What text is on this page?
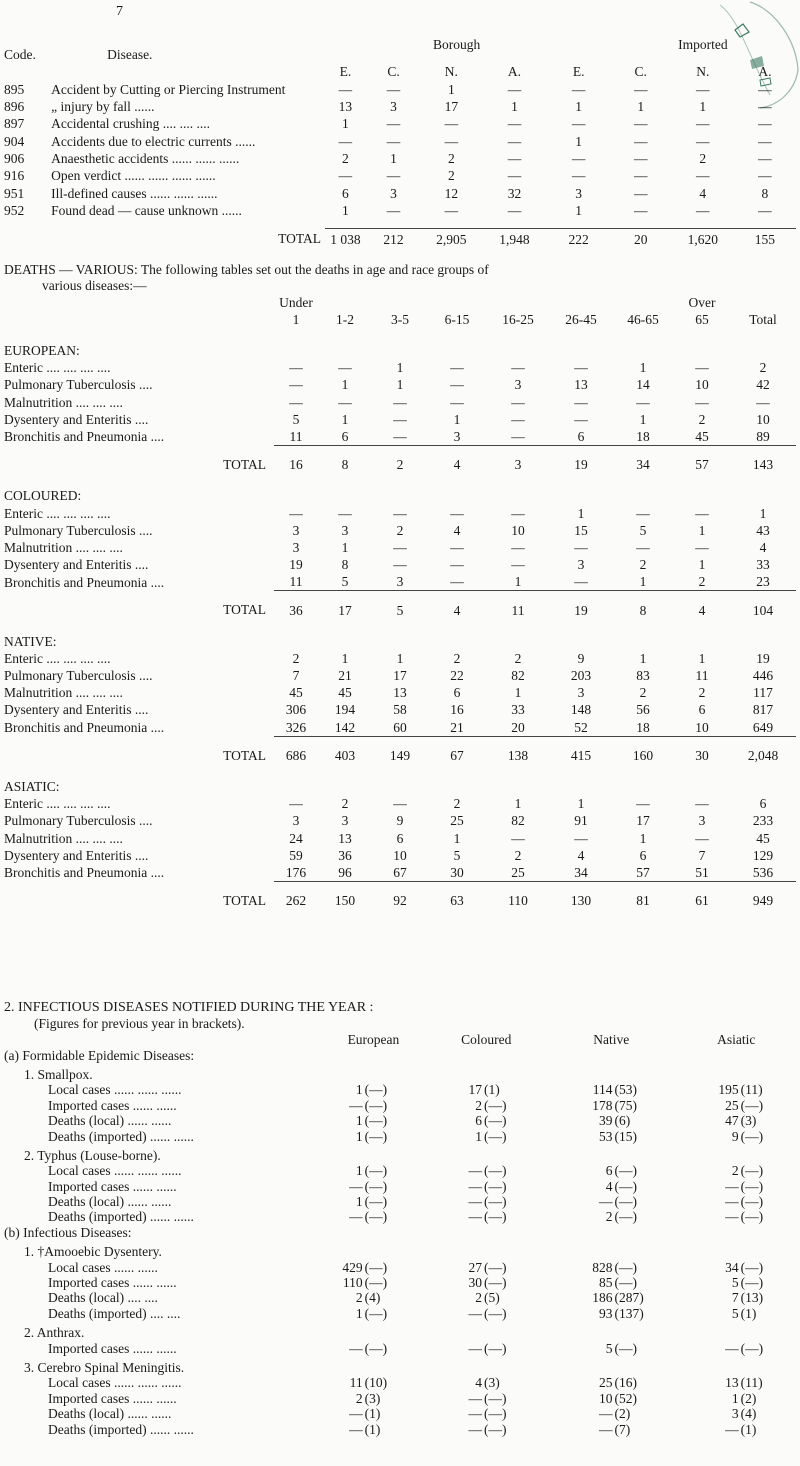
7
Code.	Disease.		Borough				Imported		
		E.	C.	N.	A.	E.	C.	N.	A.
895	Accident by Cutting or Piercing Instrument	—	—	1	—	—	—	—	—
896	„ injury by fall ......	13	3	17	1	1	1	1	—
897	Accidental crushing .... .... ....	1	—	—	—	—	—	—	—
904	Accidents due to electric currents ......	—	—	—	—	1	—	—	—
906	Anaesthetic accidents ...... ...... ......	2	1	2	—	—	—	2	—
916	Open verdict ...... ...... ...... ......	—	—	2	—	—	—	—	—
951	Ill-defined causes ...... ...... ......	6	3	12	32	3	—	4	8
952	Found dead — cause unknown ......	1	—	—	—	1	—	—	—

	TOTAL	1 038	212	2,905	1,948	222	20	1,620	155
DEATHS — VARIOUS: The following tables set out the deaths in age and race groups of
various diseases:—
	Under							Over	
	1	1-2	3-5	6-15	16-25	26-45	46-65	65	Total
EUROPEAN:									
Enteric .... .... .... ....	—	—	1	—	—	—	1	—	2
Pulmonary Tuberculosis ....	—	1	1	—	3	13	14	10	42
Malnutrition .... .... ....	—	—	—	—	—	—	—	—	—
Dysentery and Enteritis ....	5	1	—	1	—	—	1	2	10
Bronchitis and Pneumonia ....	11	6	—	3	—	6	18	45	89
TOTAL	16	8	2	4	3	19	34	57	143
COLOURED:									
Enteric .... .... .... ....	—	—	—	—	—	1	—	—	1
Pulmonary Tuberculosis ....	3	3	2	4	10	15	5	1	43
Malnutrition .... .... ....	3	1	—	—	—	—	—	—	4
Dysentery and Enteritis ....	19	8	—	—	—	3	2	1	33
Bronchitis and Pneumonia ....	11	5	3	—	1	—	1	2	23
TOTAL	36	17	5	4	11	19	8	4	104
NATIVE:									
Enteric .... .... .... ....	2	1	1	2	2	9	1	1	19
Pulmonary Tuberculosis ....	7	21	17	22	82	203	83	11	446
Malnutrition .... .... ....	45	45	13	6	1	3	2	2	117
Dysentery and Enteritis ....	306	194	58	16	33	148	56	6	817
Bronchitis and Pneumonia ....	326	142	60	21	20	52	18	10	649
TOTAL	686	403	149	67	138	415	160	30	2,048
ASIATIC:									
Enteric .... .... .... ....	—	2	—	2	1	1	—	—	6
Pulmonary Tuberculosis ....	3	3	9	25	82	91	17	3	233
Malnutrition .... .... ....	24	13	6	1	—	—	1	—	45
Dysentery and Enteritis ....	59	36	10	5	2	4	6	7	129
Bronchitis and Pneumonia ....	176	96	67	30	25	34	57	51	536
TOTAL	262	150	92	63	110	130	81	61	949
2. INFECTIOUS DISEASES NOTIFIED DURING THE YEAR :
(Figures for previous year in brackets).
	European		Coloured		Native		Asiatic	
(a) Formidable Epidemic Diseases:								
1. Smallpox.								
Local cases ...... ...... ......	1	(—)	17	(1)	114	(53)	195	(11)
Imported cases ...... ......	—	(—)	2	(—)	178	(75)	25	(—)
Deaths (local) ...... ......	1	(—)	6	(—)	39	(6)	47	(3)
Deaths (imported) ...... ......	1	(—)	1	(—)	53	(15)	9	(—)
2. Typhus (Louse-borne).								
Local cases ...... ...... ......	1	(—)	—	(—)	6	(—)	2	(—)
Imported cases ...... ......	—	(—)	—	(—)	4	(—)	—	(—)
Deaths (local) ...... ......	1	(—)	—	(—)	—	(—)	—	(—)
Deaths (imported) ...... ......	—	(—)	—	(—)	2	(—)	—	(—)
(b) Infectious Diseases:								
1. †Amooebic Dysentery.								
Local cases ...... ......	429	(—)	27	(—)	828	(—)	34	(—)
Imported cases ...... ......	110	(—)	30	(—)	85	(—)	5	(—)
Deaths (local) .... ....	2	(4)	2	(5)	186	(287)	7	(13)
Deaths (imported) .... ....	1	(—)	—	(—)	93	(137)	5	(1)
2. Anthrax.								
Imported cases ...... ......	—	(—)	—	(—)	5	(—)	—	(—)
3. Cerebro Spinal Meningitis.								
Local cases ...... ...... ......	11	(10)	4	(3)	25	(16)	13	(11)
Imported cases ...... ......	2	(3)	—	(—)	10	(52)	1	(2)
Deaths (local) ...... ......	—	(1)	—	(—)	—	(2)	3	(4)
Deaths (imported) ...... ......	—	(1)	—	(—)	—	(7)	—	(1)
